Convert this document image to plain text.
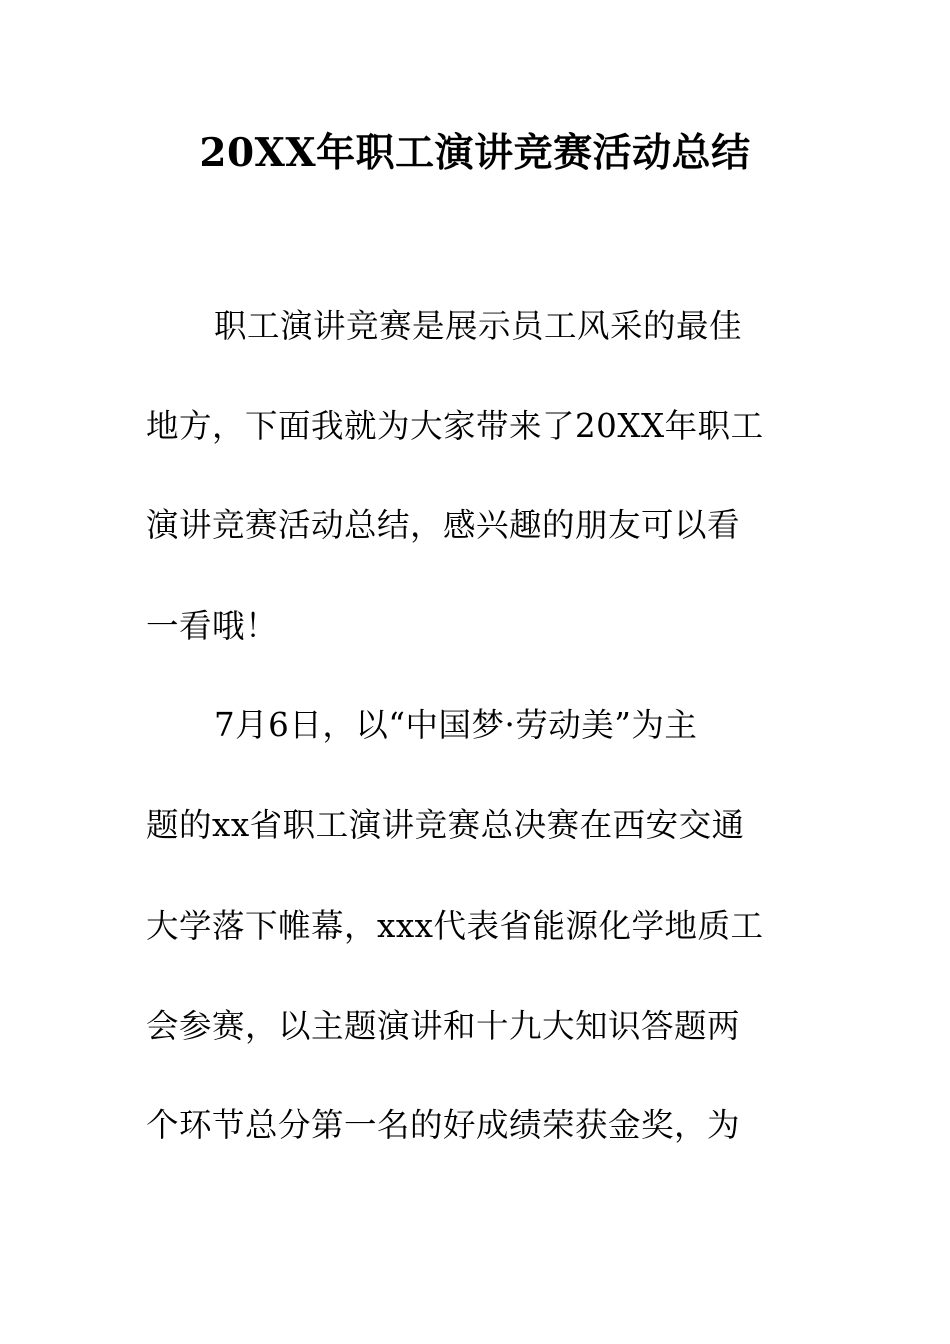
20XX年职工演讲竞赛活动总结
职工演讲竞赛是展示员工风采的最佳
地方，下面我就为大家带来了20XX年职工
演讲竞赛活动总结，感兴趣的朋友可以看
一看哦！
7月6日，以“中国梦·劳动美”为主
题的xx省职工演讲竞赛总决赛在西安交通
大学落下帷幕，xxx代表省能源化学地质工
会参赛，以主题演讲和十九大知识答题两
个环节总分第一名的好成绩荣获金奖，为
